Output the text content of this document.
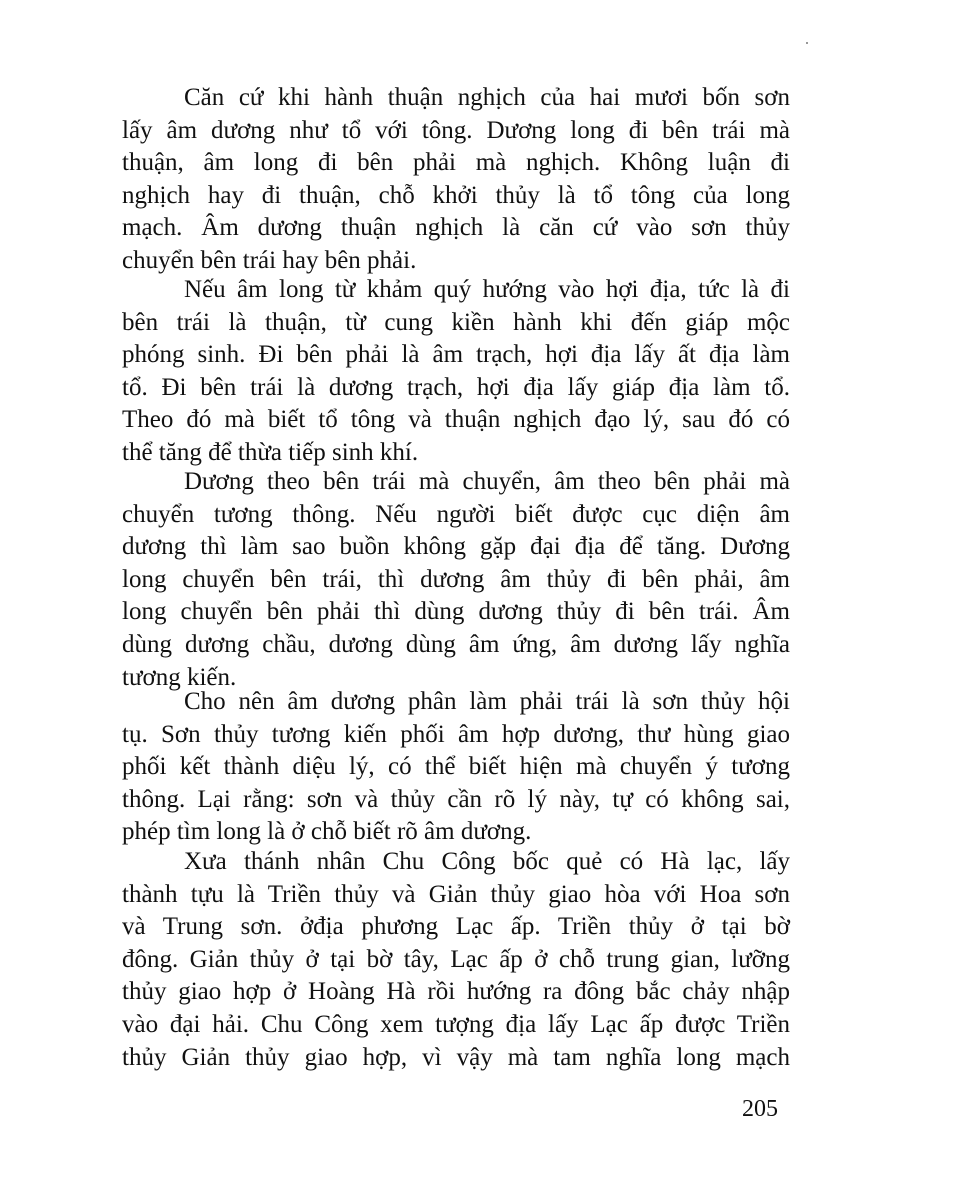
Căn cứ khi hành thuận nghịch của hai mươi bốn sơn
lấy âm dương như tổ với tông. Dương long đi bên trái mà
thuận, âm long đi bên phải mà nghịch. Không luận đi
nghịch hay đi thuận, chỗ khởi thủy là tổ tông của long
mạch. Âm dương thuận nghịch là căn cứ vào sơn thủy
chuyển bên trái hay bên phải.
Nếu âm long từ khảm quý hướng vào hợi địa, tức là đi
bên trái là thuận, từ cung kiền hành khi đến giáp mộc
phóng sinh. Đi bên phải là âm trạch, hợi địa lấy ất địa làm
tổ. Đi bên trái là dương trạch, hợi địa lấy giáp địa làm tổ.
Theo đó mà biết tổ tông và thuận nghịch đạo lý, sau đó có
thể tăng để thừa tiếp sinh khí.
Dương theo bên trái mà chuyển, âm theo bên phải mà
chuyển tương thông. Nếu người biết được cục diện âm
dương thì làm sao buồn không gặp đại địa để tăng. Dương
long chuyển bên trái, thì dương âm thủy đi bên phải, âm
long chuyển bên phải thì dùng dương thủy đi bên trái. Âm
dùng dương chầu, dương dùng âm ứng, âm dương lấy nghĩa
tương kiến.
Cho nên âm dương phân làm phải trái là sơn thủy hội
tụ. Sơn thủy tương kiến phối âm hợp dương, thư hùng giao
phối kết thành diệu lý, có thể biết hiện mà chuyển ý tương
thông. Lại rằng: sơn và thủy cần rõ lý này, tự có không sai,
phép tìm long là ở chỗ biết rõ âm dương.
Xưa thánh nhân Chu Công bốc quẻ có Hà lạc, lấy
thành tựu là Triền thủy và Giản thủy giao hòa với Hoa sơn
và Trung sơn. ởđịa phương Lạc ấp. Triền thủy ở tại bờ
đông. Giản thủy ở tại bờ tây, Lạc ấp ở chỗ trung gian, lưỡng
thủy giao hợp ở Hoàng Hà rồi hướng ra đông bắc chảy nhập
vào đại hải. Chu Công xem tượng địa lấy Lạc ấp được Triền
thủy Giản thủy giao hợp, vì vậy mà tam nghĩa long mạch

205
